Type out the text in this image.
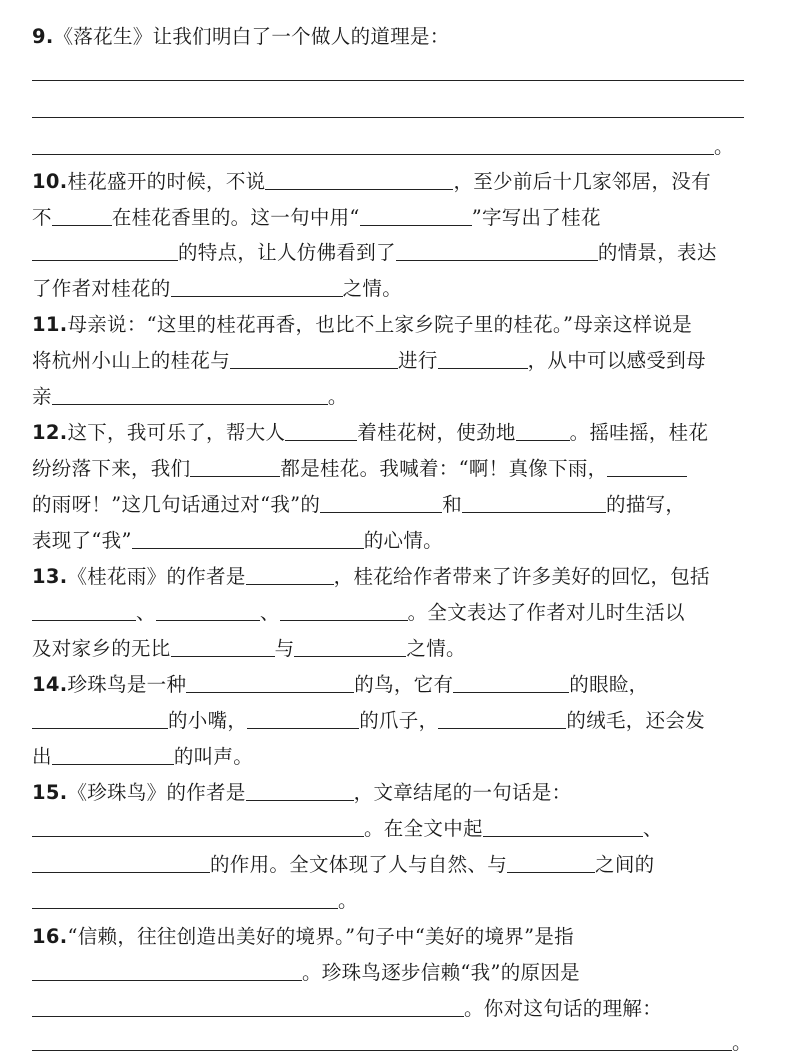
9.《落花生》让我们明白了一个做人的道理是：
。
10.桂花盛开的时候，不说	，至少前后十几家邻居，没有
不	在桂花香里的。这一句中用“	”字写出了桂花
的特点，让人仿佛看到了	的情景，表达
了作者对桂花的	之情。
11.母亲说：“这里的桂花再香，也比不上家乡院子里的桂花。”母亲这样说是
将杭州小山上的桂花与	进行	，从中可以感受到母
亲	。
12.这下，我可乐了，帮大人	着桂花树，使劲地	。摇哇摇，桂花
纷纷落下来，我们	都是桂花。我喊着：“啊！真像下雨，
的雨呀！”这几句话通过对“我”的	和	的描写，
表现了“我”	的心情。
13.《桂花雨》的作者是	，桂花给作者带来了许多美好的回忆，包括
、	、	。全文表达了作者对儿时生活以
及对家乡的无比	与	之情。
14.珍珠鸟是一种	的鸟，它有	的眼睑，
的小嘴，	的爪子，	的绒毛，还会发
出	的叫声。
15.《珍珠鸟》的作者是	，文章结尾的一句话是：
。在全文中起	、
的作用。全文体现了人与自然、与	之间的
。
16.“信赖，往往创造出美好的境界。”句子中“美好的境界”是指
。珍珠鸟逐步信赖“我”的原因是
。你对这句话的理解：
。
